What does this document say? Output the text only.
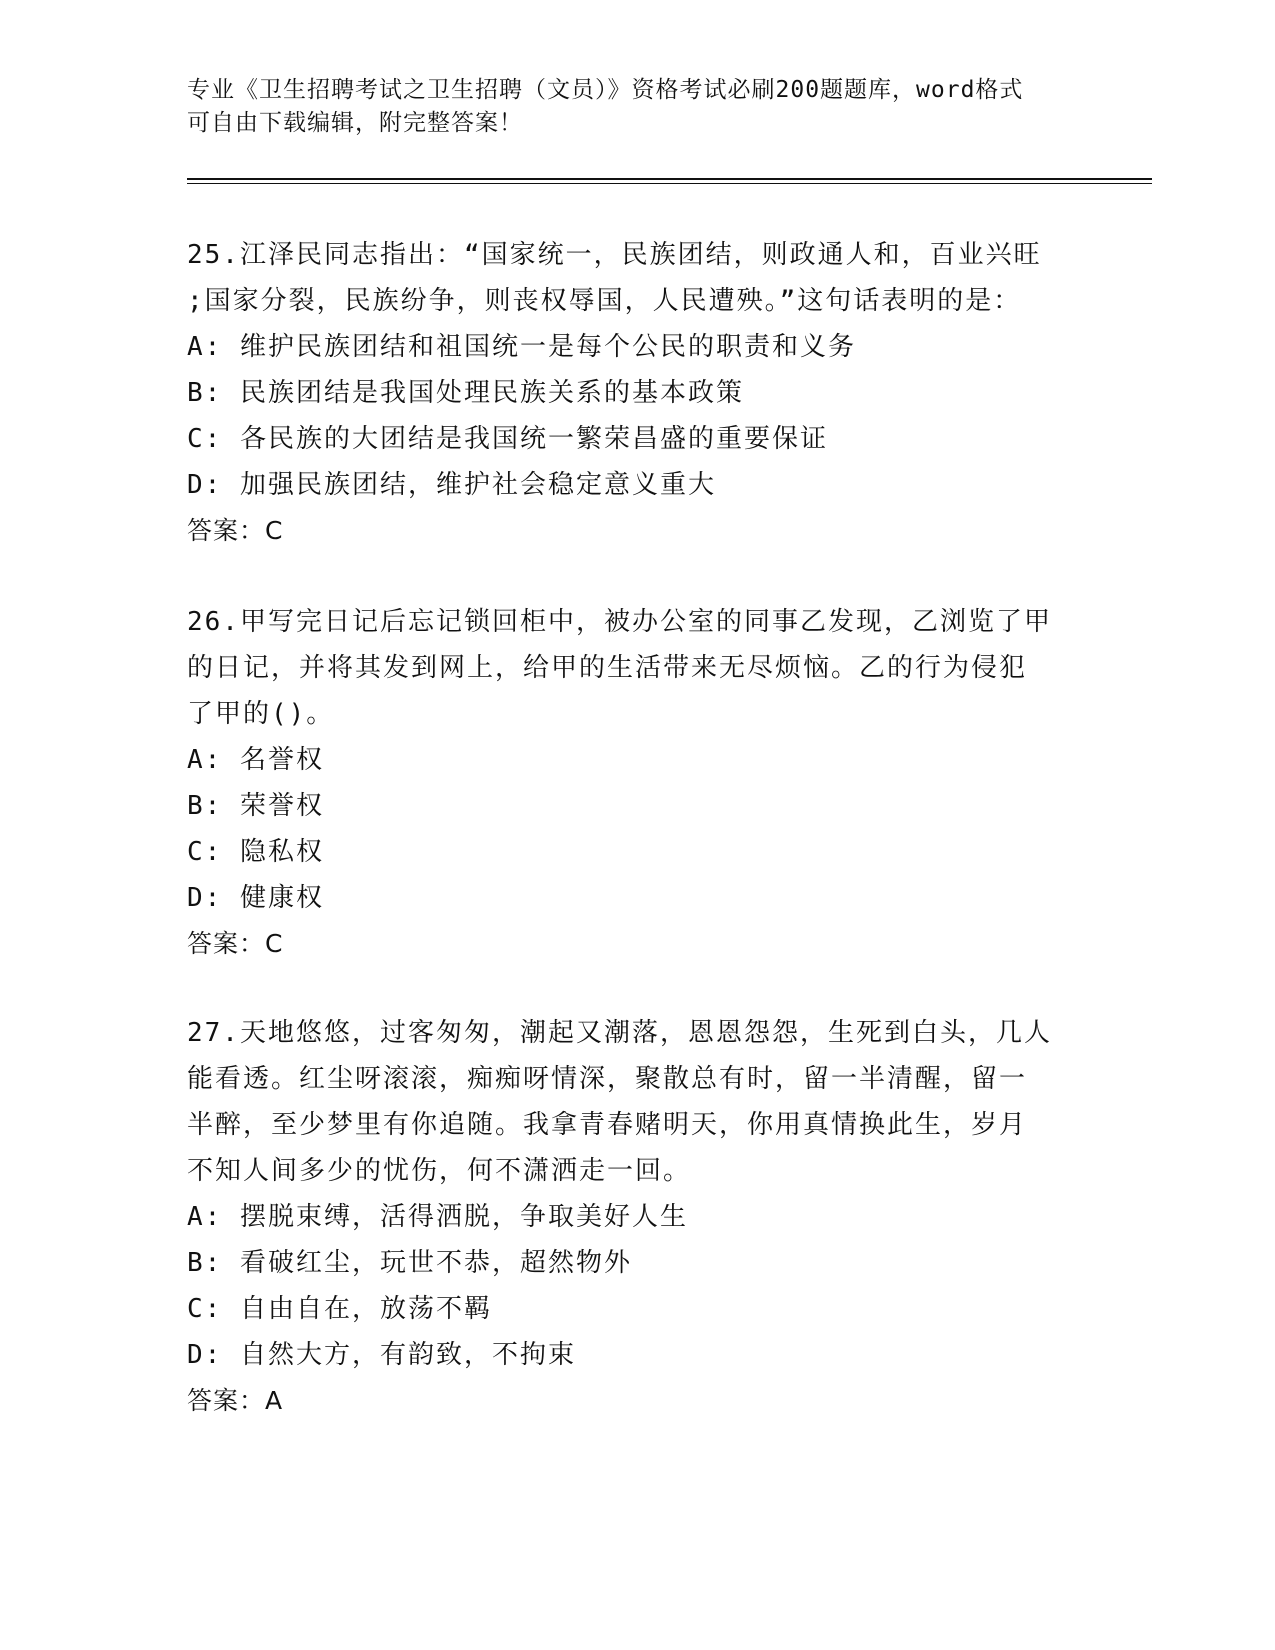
专业《卫生招聘考试之卫生招聘（文员）》资格考试必刷200题题库，word格式
可自由下载编辑，附完整答案！

25.江泽民同志指出：“国家统一，民族团结，则政通人和，百业兴旺

;国家分裂，民族纷争，则丧权辱国，人民遭殃。”这句话表明的是：

A: 维护民族团结和祖国统一是每个公民的职责和义务

B: 民族团结是我国处理民族关系的基本政策

C: 各民族的大团结是我国统一繁荣昌盛的重要保证

D: 加强民族团结，维护社会稳定意义重大

答案：C

26.甲写完日记后忘记锁回柜中，被办公室的同事乙发现，乙浏览了甲

的日记，并将其发到网上，给甲的生活带来无尽烦恼。乙的行为侵犯

了甲的()。

A: 名誉权

B: 荣誉权

C: 隐私权

D: 健康权

答案：C

27.天地悠悠，过客匆匆，潮起又潮落，恩恩怨怨，生死到白头，几人

能看透。红尘呀滚滚，痴痴呀情深，聚散总有时，留一半清醒，留一

半醉，至少梦里有你追随。我拿青春赌明天，你用真情换此生，岁月

不知人间多少的忧伤，何不潇洒走一回。

A: 摆脱束缚，活得洒脱，争取美好人生

B: 看破红尘，玩世不恭，超然物外

C: 自由自在，放荡不羁

D: 自然大方，有韵致，不拘束

答案：A
